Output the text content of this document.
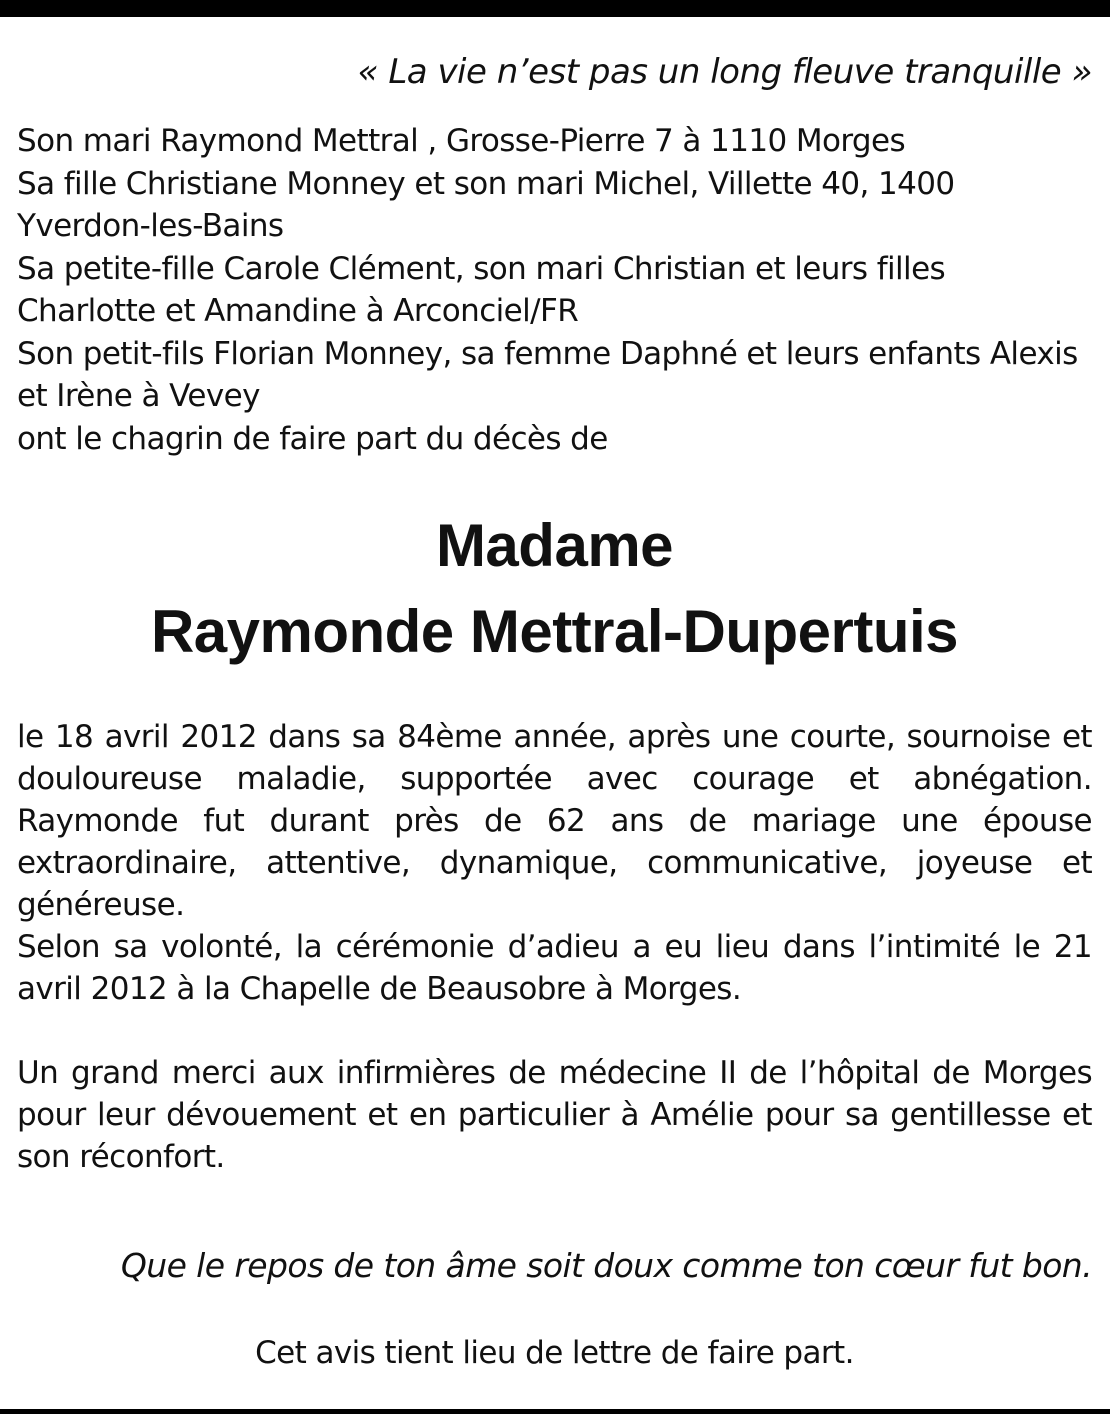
« La vie n’est pas un long fleuve tranquille »

Son mari Raymond Mettral , Grosse-Pierre 7 à 1110 Morges
Sa fille Christiane Monney et son mari Michel, Villette 40, 1400 Yverdon-les-Bains
Sa petite-fille Carole Clément, son mari Christian et leurs filles Charlotte et Amandine à Arconciel/FR
Son petit-fils Florian Monney, sa femme Daphné et leurs enfants Alexis et Irène à Vevey
ont le chagrin de faire part du décès de

Madame
Raymonde Mettral-Dupertuis

le 18 avril 2012 dans sa 84ème année, après une courte, sournoise et douloureuse maladie, supportée avec courage et abnégation. Raymonde fut durant près de 62 ans de mariage une épouse extraordinaire, attentive, dynamique, communicative, joyeuse et généreuse.

Selon sa volonté, la cérémonie d’adieu a eu lieu dans l’intimité le 21 avril 2012 à la Chapelle de Beausobre à Morges.

Un grand merci aux infirmières de médecine II de l’hôpital de Morges pour leur dévouement et en particulier à Amélie pour sa gentillesse et son réconfort.

Que le repos de ton âme soit doux comme ton cœur fut bon.

Cet avis tient lieu de lettre de faire part.
